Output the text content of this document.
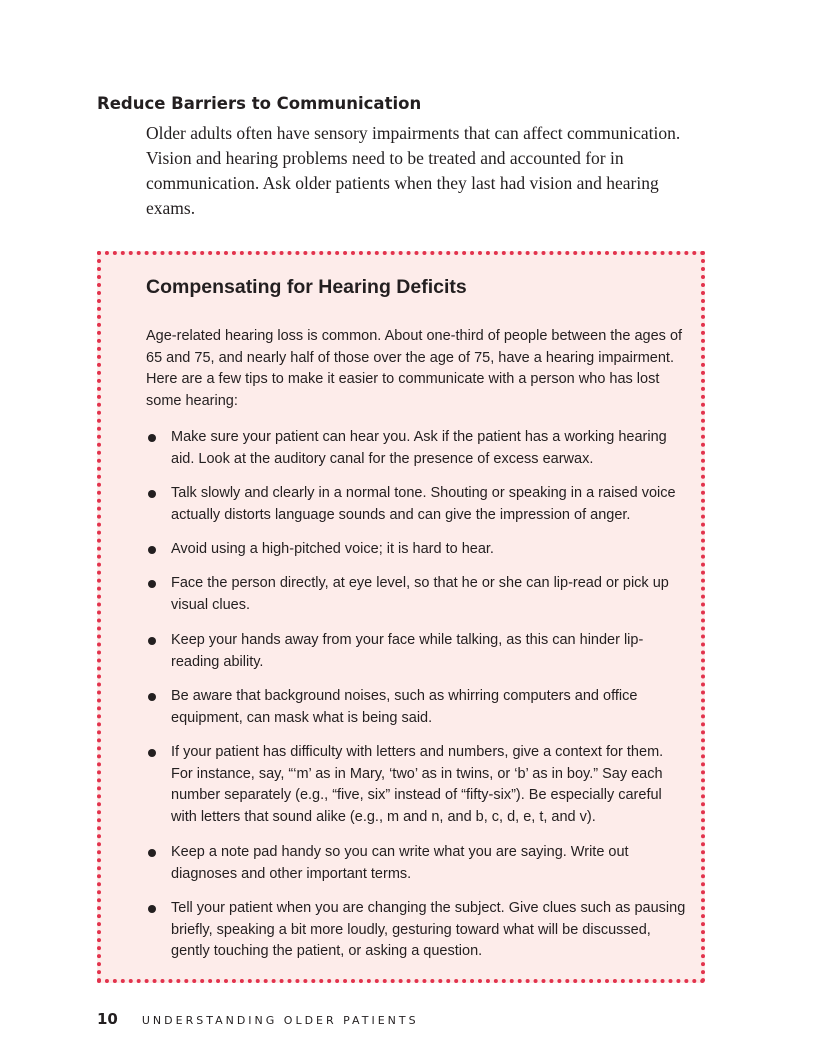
Reduce Barriers to Communication

Older adults often have sensory impairments that can affect communication. Vision and hearing problems need to be treated and accounted for in communication. Ask older patients when they last had vision and hearing exams.

Compensating for Hearing Deficits

Age-related hearing loss is common. About one-third of people between the ages of 65 and 75, and nearly half of those over the age of 75, have a hearing impairment. Here are a few tips to make it easier to communicate with a person who has lost some hearing:

Make sure your patient can hear you. Ask if the patient has a working hearing aid. Look at the auditory canal for the presence of excess earwax.
Talk slowly and clearly in a normal tone. Shouting or speaking in a raised voice actually distorts language sounds and can give the impression of anger.
Avoid using a high-pitched voice; it is hard to hear.
Face the person directly, at eye level, so that he or she can lip-read or pick up visual clues.
Keep your hands away from your face while talking, as this can hinder lip-reading ability.
Be aware that background noises, such as whirring computers and office equipment, can mask what is being said.
If your patient has difficulty with letters and numbers, give a context for them. For instance, say, “‘m’ as in Mary, ‘two’ as in twins, or ‘b’ as in boy.” Say each number separately (e.g., “five, six” instead of “fifty-six”). Be especially careful with letters that sound alike (e.g., m and n, and b, c, d, e, t, and v).
Keep a note pad handy so you can write what you are saying. Write out diagnoses and other important terms.
Tell your patient when you are changing the subject. Give clues such as pausing briefly, speaking a bit more loudly, gesturing toward what will be discussed, gently touching the patient, or asking a question.
10 UNDERSTANDING OLDER PATIENTS
